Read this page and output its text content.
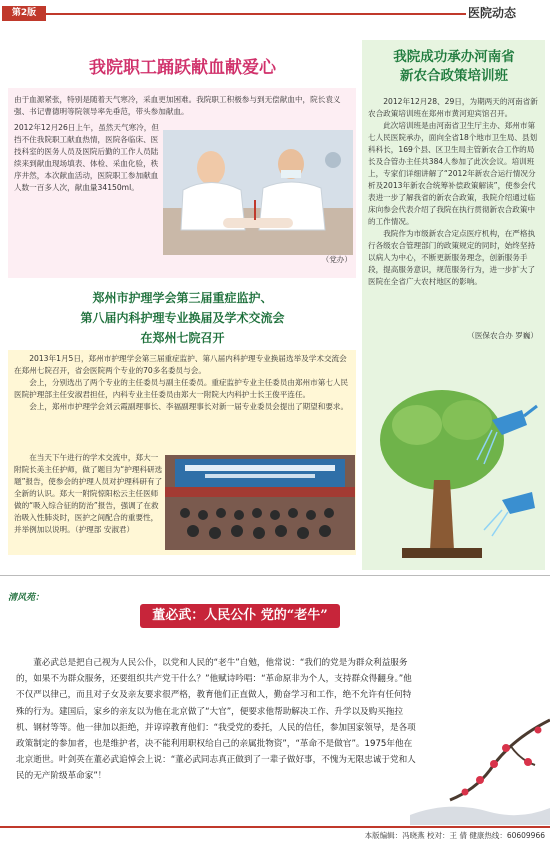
第2版	医院动态
我院职工踊跃献血献爱心
由于血源紧张，特别是随着天气寒冷，采血更加困难。我院职工积极参与到无偿献血中，院长袁义强、书记曹德明等院领导率先垂范，带头参加献血。
2012年12月26日上午，虽然天气寒冷，但挡不住我院职工献血热情，医院各临床、医技科室的医务人员及医院后勤的工作人员陆续来到献血现场填表、体检、采血化验，秩序井然，本次献血活动，医院职工参加献血人数一百多人次，献血量34150ml。
（党办）
郑州市护理学会第三届重症监护、
第八届内科护理专业换届及学术交流会
在郑州七院召开
2013年1月5日，郑州市护理学会第三届重症监护、第八届内科护理专业换届选举及学术交流会在郑州七院召开，省会医院两个专业的70多名委员与会。
会上，分别选出了两个专业的主任委员与副主任委员。重症监护专业主任委员由郑州市第七人民医院护理部主任安淑君担任，内科专业主任委员由郑大一附院大内科护士长王俊平连任。
会上，郑州市护理学会刘云霞副理事长、李福副理事长对新一届专业委员会提出了期望和要求。
在当天下午进行的学术交流中，郑大一附院长美主任护师，做了题目为“护理科研选题”报告，使参会的护理人员对护理科研有了全新的认识。郑大一附院惊阳松云主任医师做的“吸入综合征的防治”报告，强调了在救治吸入性肺炎时，医护之间配合的重要性，并举例加以说明。（护理部 安淑君）
我院成功承办河南省
新农合政策培训班
2012年12月28、29日，为期两天的河南省新农合政策培训班在郑州市黄河迎宾馆召开。
此次培训班是由河南省卫生厅主办、郑州市第七人民医院承办，面向全省18个地市卫生局、县划科科长，169个县、区卫生局主管新农合工作的局长及合管办主任共384人参加了此次会议。培训班上，专家们详细讲解了“2012年新农合运行情况分析及2013年新农合统筹补偿政策解读”，使参会代表进一步了解我省的新农合政策，我院介绍通过临床向参会代表介绍了我院在执行贯彻新农合政策中的工作情况。
我院作为市级新农合定点医疗机构，在严格执行各级农合管理部门的政策规定的同时，始终坚持以病人为中心，不断更新服务理念，创新服务手段，提高服务意识，规范服务行为，进一步扩大了医院在全省广大农村地区的影响。
（医保农合办 罗巍）
清风苑：
董必武：人民公仆 党的“老牛”
董必武总是把自己视为人民公仆，以党和人民的“老牛”自勉，他常说：“我们的党是为群众利益服务的，如果不为群众服务，还要组织共产党干什么？”他赋诗吟唱：“革命原非为个人，支持群众得翻身。”他不仅严以律己，而且对子女及亲友要求很严格，教育他们正直做人，勤奋学习和工作，绝不允许有任何特殊的行为。建国后，家乡的亲友以为他在北京做了“大官”，便要求他帮助解决工作、升学以及购买拖拉机、钢材等等。他一律加以拒绝，并谆谆教育他们：“我受党的委托，人民的信任，参加国家领导，是各项政策制定的参加者，也是维护者，决不能利用职权给自己的亲属批物资”，“革命不是做官”。1975年他在北京逝世。叶剑英在董必武追悼会上说：“董必武同志真正做到了一辈子做好事，不愧为无限忠诚于党和人民的无产阶级革命家”！
本版编辑：冯晓燕 校对：王 倩 健康热线：60609966
